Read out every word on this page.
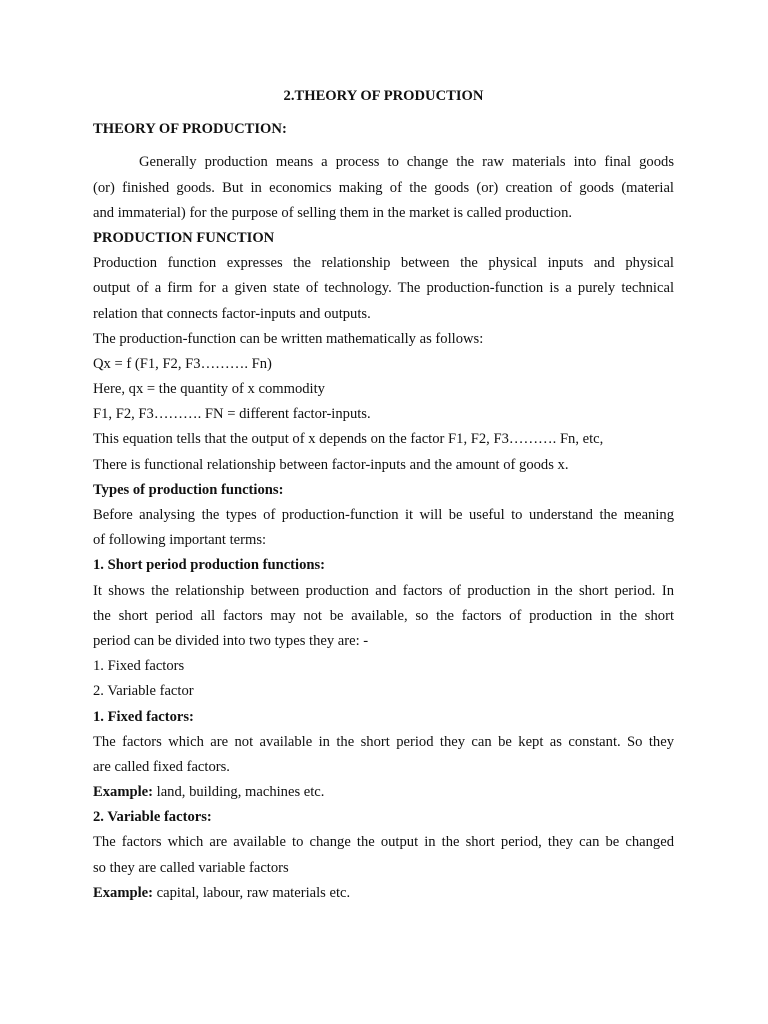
2.THEORY OF PRODUCTION
THEORY OF PRODUCTION:
Generally production means a process to change the raw materials into final goods
(or) finished goods. But in economics making of the goods (or) creation of goods (material
and immaterial) for the purpose of selling them in the market is called production.
PRODUCTION FUNCTION
Production function expresses the relationship between the physical inputs and physical
output of a firm for a given state of technology. The production-function is a purely technical
relation that connects factor-inputs and outputs.
The production-function can be written mathematically as follows:
Qx = f (F1, F2, F3………. Fn)
Here, qx = the quantity of x commodity
F1, F2, F3………. FN = different factor-inputs.
This equation tells that the output of x depends on the factor F1, F2, F3………. Fn, etc,
There is functional relationship between factor-inputs and the amount of goods x.
Types of production functions:
Before analysing the types of production-function it will be useful to understand the meaning
of following important terms:
1. Short period production functions:
It shows the relationship between production and factors of production in the short period. In
the short period all factors may not be available, so the factors of production in the short
period can be divided into two types they are: -
1. Fixed factors
2. Variable factor
1. Fixed factors:
The factors which are not available in the short period they can be kept as constant. So they
are called fixed factors.
Example: land, building, machines etc.
2. Variable factors:
The factors which are available to change the output in the short period, they can be changed
so they are called variable factors
Example: capital, labour, raw materials etc.
